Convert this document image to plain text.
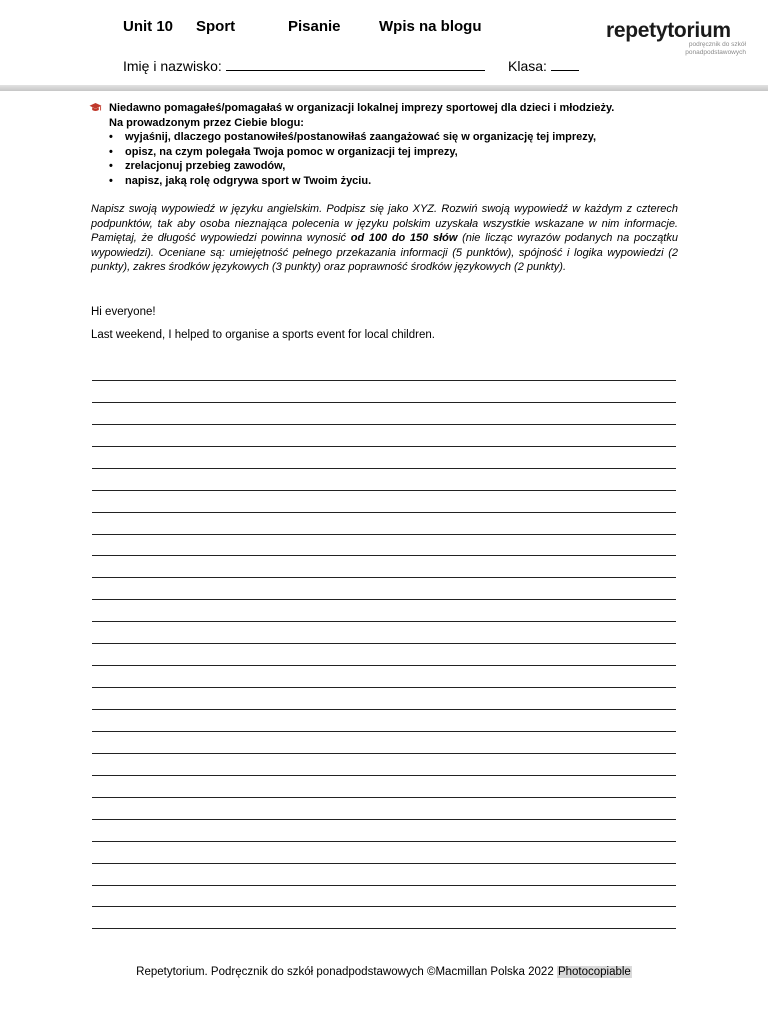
Unit 10 Sport	Pisanie	Wpis na blogu	repetytorium
podręcznik do szkół
ponadpodstawowych
Imię i nazwisko:	Klasa:
Niedawno pomagałeś/pomagałaś w organizacji lokalnej imprezy sportowej dla dzieci i młodzieży.
Na prowadzonym przez Ciebie blogu:
• wyjaśnij, dlaczego postanowiłeś/postanowiłaś zaangażować się w organizację tej imprezy,
• opisz, na czym polegała Twoja pomoc w organizacji tej imprezy,
• zrelacjonuj przebieg zawodów,
• napisz, jaką rolę odgrywa sport w Twoim życiu.
Napisz swoją wypowiedź w języku angielskim. Podpisz się jako XYZ. Rozwiń swoją wypowiedź w każdym z czterech podpunktów, tak aby osoba nieznająca polecenia w języku polskim uzyskała wszystkie wskazane w nim informacje. Pamiętaj, że długość wypowiedzi powinna wynosić od 100 do 150 słów (nie licząc wyrazów podanych na początku wypowiedzi). Oceniane są: umiejętność pełnego przekazania informacji (5 punktów), spójność i logika wypowiedzi (2 punkty), zakres środków językowych (3 punkty) oraz poprawność środków językowych (2 punkty).
Hi everyone!
Last weekend, I helped to organise a sports event for local children.
Repetytorium. Podręcznik do szkół ponadpodstawowych ©Macmillan Polska 2022 Photocopiable
